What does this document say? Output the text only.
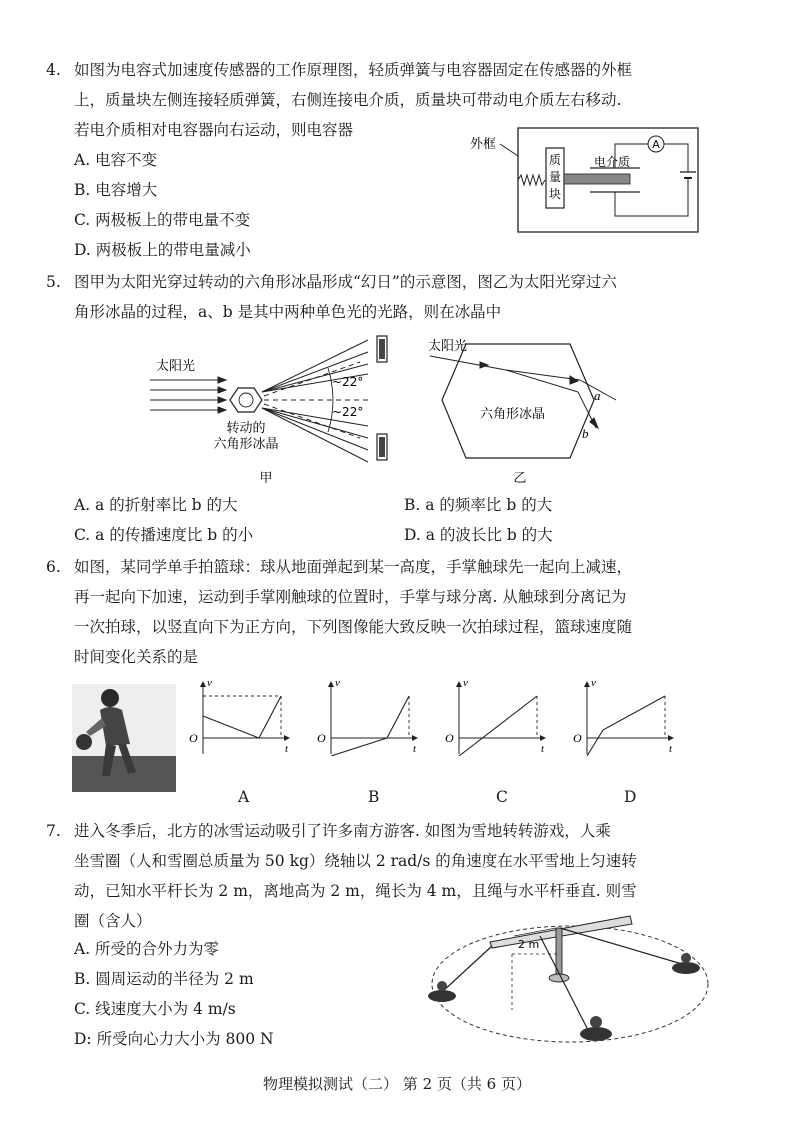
4. 如图为电容式加速度传感器的工作原理图，轻质弹簧与电容器固定在传感器的外框
上，质量块左侧连接轻质弹簧，右侧连接电介质，质量块可带动电介质左右移动.
若电介质相对电容器向右运动，则电容器
A. 电容不变
B. 电容增大
C. 两极板上的带电量不变
D. 两极板上的带电量减小
外框
质
量
块
电介质
A
5. 图甲为太阳光穿过转动的六角形冰晶形成“幻日”的示意图，图乙为太阳光穿过六
角形冰晶的过程，a、b 是其中两种单色光的光路，则在冰晶中
太阳光
转动的
六角形冰晶
~22°
~22°
甲
太阳光
六角形冰晶
a
b
乙
A. a 的折射率比 b 的大	B. a 的频率比 b 的大
C. a 的传播速度比 b 的小	D. a 的波长比 b 的大
6. 如图，某同学单手拍篮球：球从地面弹起到某一高度，手掌触球先一起向上减速，
再一起向下加速，运动到手掌刚触球的位置时，手掌与球分离. 从触球到分离记为
一次拍球，以竖直向下为正方向，下列图像能大致反映一次拍球过程，篮球速度随
时间变化关系的是
v
t
O
v
t
O
v
t
O
v
t
O
A	B	C	D
7. 进入冬季后，北方的冰雪运动吸引了许多南方游客. 如图为雪地转转游戏，人乘
坐雪圈（人和雪圈总质量为 50 kg）绕轴以 2 rad/s 的角速度在水平雪地上匀速转
动，已知水平杆长为 2 m，离地高为 2 m，绳长为 4 m，且绳与水平杆垂直. 则雪
圈（含人）
A. 所受的合外力为零
B. 圆周运动的半径为 2 m
C. 线速度大小为 4 m/s
D: 所受向心力大小为 800 N
2 m
物理模拟测试（二） 第 2 页（共 6 页）
